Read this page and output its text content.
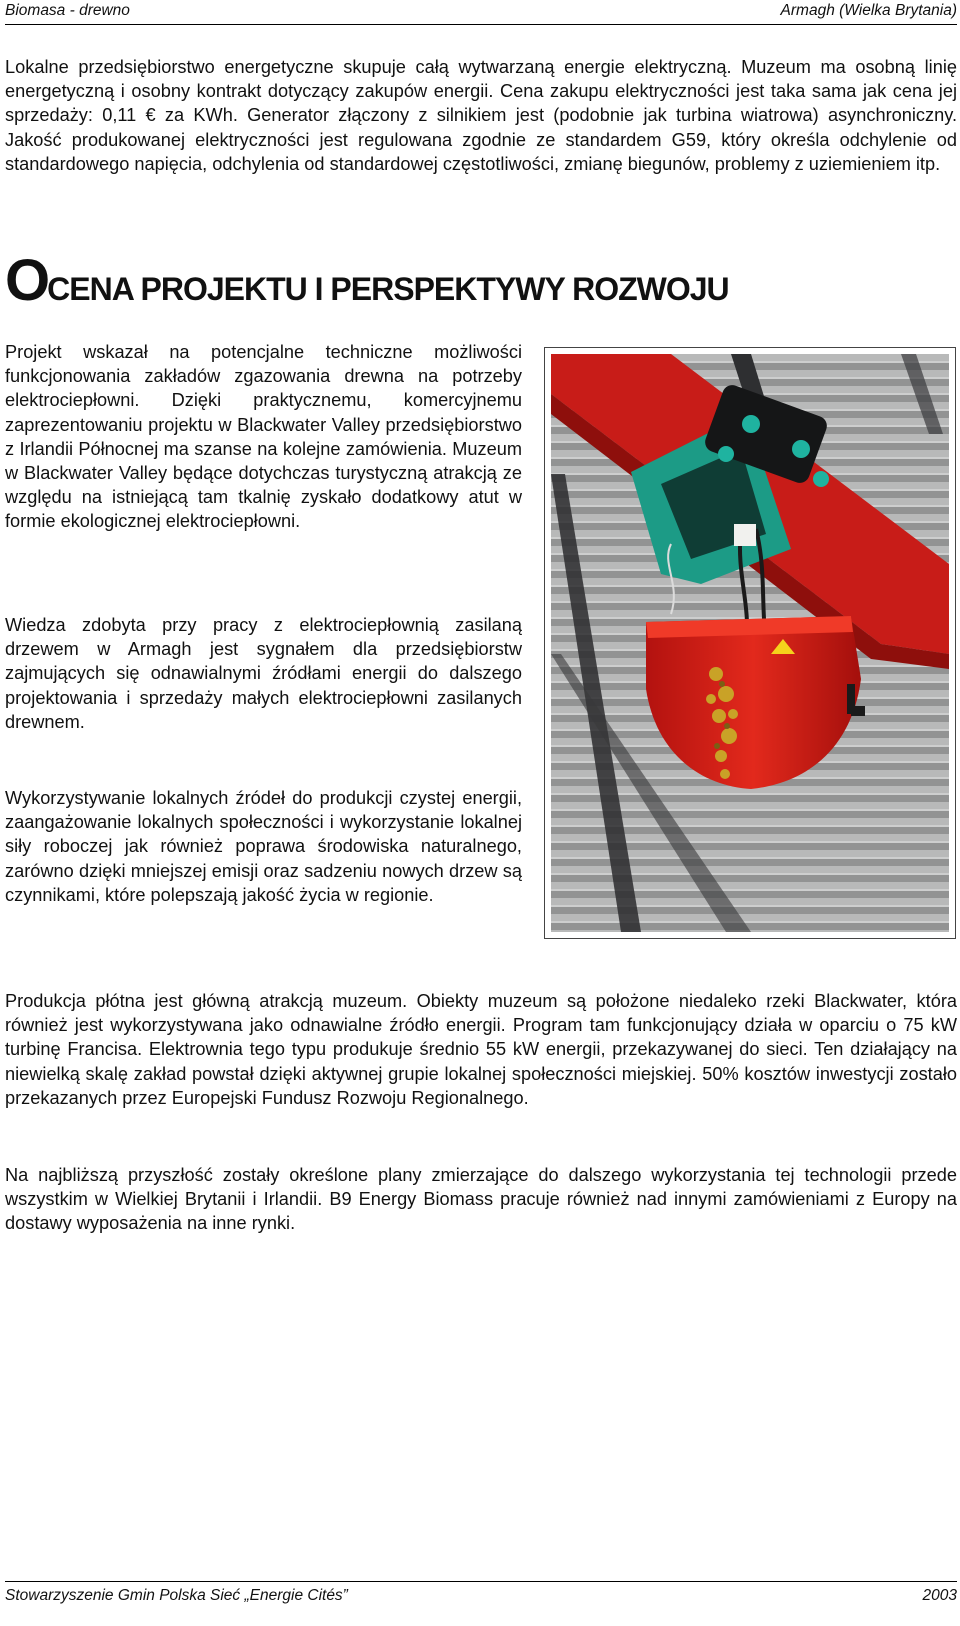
Biomasa - drewno	Armagh (Wielka Brytania)

Lokalne przedsiębiorstwo energetyczne skupuje całą wytwarzaną energie elektryczną. Muzeum ma osobną linię energetyczną i osobny kontrakt dotyczący zakupów energii. Cena zakupu elektryczności jest taka sama jak cena jej sprzedaży: 0,11 € za KWh. Generator złączony z silnikiem jest (podobnie jak turbina wiatrowa) asynchroniczny. Jakość produkowanej elektryczności jest regulowana zgodnie ze standardem G59, który określa odchylenie od standardowego napięcia, odchylenia od standardowej częstotliwości, zmianę biegunów, problemy z uziemieniem itp.

OCENA PROJEKTU I PERSPEKTYWY ROZWOJU

Projekt wskazał na potencjalne techniczne możliwości funkcjonowania zakładów zgazowania drewna na potrzeby elektrociepłowni. Dzięki praktycznemu, komercyjnemu zaprezentowaniu projektu w Blackwater Valley przedsiębiorstwo z Irlandii Północnej ma szanse na kolejne zamówienia. Muzeum w Blackwater Valley będące dotychczas turystyczną atrakcją ze względu na istniejącą tam tkalnię zyskało dodatkowy atut w formie ekologicznej elektrociepłowni.

Wiedza zdobyta przy pracy z elektrociepłownią zasilaną drzewem w Armagh jest sygnałem dla przedsiębiorstw zajmujących się odnawialnymi źródłami energii do dalszego projektowania i sprzedaży małych elektrociepłowni zasilanych drewnem.

Wykorzystywanie lokalnych źródeł do produkcji czystej energii, zaangażowanie lokalnych społeczności i wykorzystanie lokalnej siły roboczej jak również poprawa środowiska naturalnego, zarówno dzięki mniejszej emisji oraz sadzeniu nowych drzew są czynnikami, które polepszają jakość życia w regionie.

Produkcja płótna jest główną atrakcją muzeum. Obiekty muzeum są położone niedaleko rzeki Blackwater, która również jest wykorzystywana jako odnawialne źródło energii. Program tam funkcjonujący działa w oparciu o 75 kW turbinę Francisa. Elektrownia tego typu produkuje średnio 55 kW energii, przekazywanej do sieci. Ten działający na niewielką skalę zakład powstał dzięki aktywnej grupie lokalnej społeczności miejskiej. 50% kosztów inwestycji zostało przekazanych przez Europejski Fundusz Rozwoju Regionalnego.

Na najbliższą przyszłość zostały określone plany zmierzające do dalszego wykorzystania tej technologii przede wszystkim w Wielkiej Brytanii i Irlandii. B9 Energy Biomass pracuje również nad innymi zamówieniami z Europy na dostawy wyposażenia na inne rynki.

Stowarzyszenie Gmin Polska Sieć „Energie Cités”	2003
